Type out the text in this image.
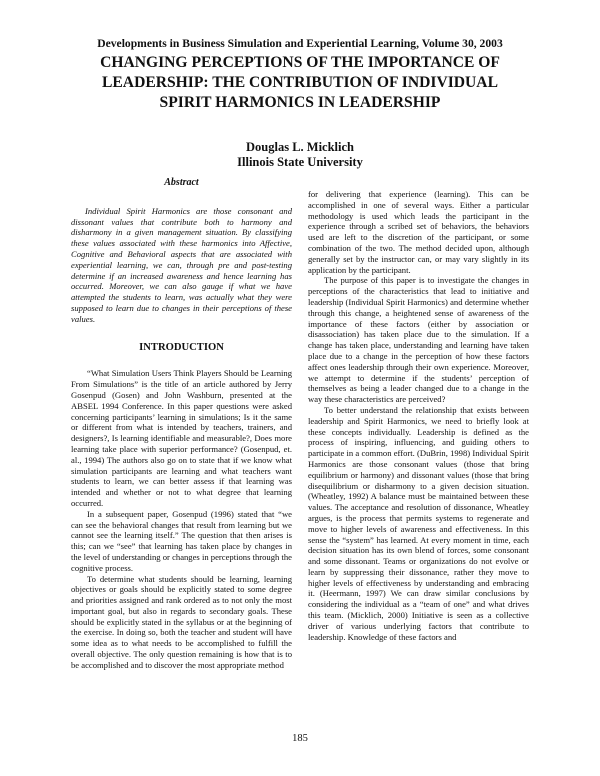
Developments in Business Simulation and Experiential Learning, Volume 30, 2003
CHANGING PERCEPTIONS OF THE IMPORTANCE OF
LEADERSHIP: THE CONTRIBUTION OF INDIVIDUAL
SPIRIT HARMONICS IN LEADERSHIP
Douglas L. Micklich
Illinois State University

Abstract

Individual Spirit Harmonics are those consonant and dissonant values that contribute both to harmony and disharmony in a given management situation. By classifying these values associated with these harmonics into Affective, Cognitive and Behavioral aspects that are associated with experiential learning, we can, through pre and post-testing determine if an increased awareness and hence learning has occurred. Moreover, we can also gauge if what we have attempted the students to learn, was actually what they were supposed to learn due to changes in their perceptions of these values.

INTRODUCTION

“What Simulation Users Think Players Should be Learning From Simulations” is the title of an article authored by Jerry Gosenpud (Gosen) and John Washburn, presented at the ABSEL 1994 Conference. In this paper questions were asked concerning participants’ learning in simulations; Is it the same or different from what is intended by teachers, trainers, and designers?, Is learning identifiable and measurable?, Does more learning take place with superior performance? (Gosenpud, et. al., 1994) The authors also go on to state that if we know what simulation participants are learning and what teachers want students to learn, we can better assess if that learning was intended and whether or not to what degree that learning occurred.

In a subsequent paper, Gosenpud (1996) stated that “we can see the behavioral changes that result from learning but we cannot see the learning itself.” The question that then arises is this; can we “see” that learning has taken place by changes in the level of understanding or changes in perceptions through the cognitive process.

To determine what students should be learning, learning objectives or goals should be explicitly stated to some degree and priorities assigned and rank ordered as to not only the most important goal, but also in regards to secondary goals. These should be explicitly stated in the syllabus or at the beginning of the exercise. In doing so, both the teacher and student will have some idea as to what needs to be accomplished to fulfill the overall objective. The only question remaining is how that is to be accomplished and to discover the most appropriate method

for delivering that experience (learning). This can be accomplished in one of several ways. Either a particular methodology is used which leads the participant in the experience through a scribed set of behaviors, the behaviors used are left to the discretion of the participant, or some combination of the two. The method decided upon, although generally set by the instructor can, or may vary slightly in its application by the participant.

The purpose of this paper is to investigate the changes in perceptions of the characteristics that lead to initiative and leadership (Individual Spirit Harmonics) and determine whether through this change, a heightened sense of awareness of the importance of these factors (either by association or disassociation) has taken place due to the simulation. If a change has taken place, understanding and learning have taken place due to a change in the perception of how these factors affect ones leadership through their own experience. Moreover, we attempt to determine if the students’ perception of themselves as being a leader changed due to a change in the way these characteristics are perceived?

To better understand the relationship that exists between leadership and Spirit Harmonics, we need to briefly look at these concepts individually. Leadership is defined as the process of inspiring, influencing, and guiding others to participate in a common effort. (DuBrin, 1998) Individual Spirit Harmonics are those consonant values (those that bring equilibrium or harmony) and dissonant values (those that bring disequilibrium or disharmony to a given decision situation. (Wheatley, 1992) A balance must be maintained between these values. The acceptance and resolution of dissonance, Wheatley argues, is the process that permits systems to regenerate and move to higher levels of awareness and effectiveness. In this sense the “system” has learned. At every moment in time, each decision situation has its own blend of forces, some consonant and some dissonant. Teams or organizations do not evolve or learn by suppressing their dissonance, rather they move to higher levels of effectiveness by understanding and embracing it. (Heermann, 1997) We can draw similar conclusions by considering the individual as a “team of one” and what drives this team. (Micklich, 2000) Initiative is seen as a collective driver of various underlying factors that contribute to leadership. Knowledge of these factors and

185
